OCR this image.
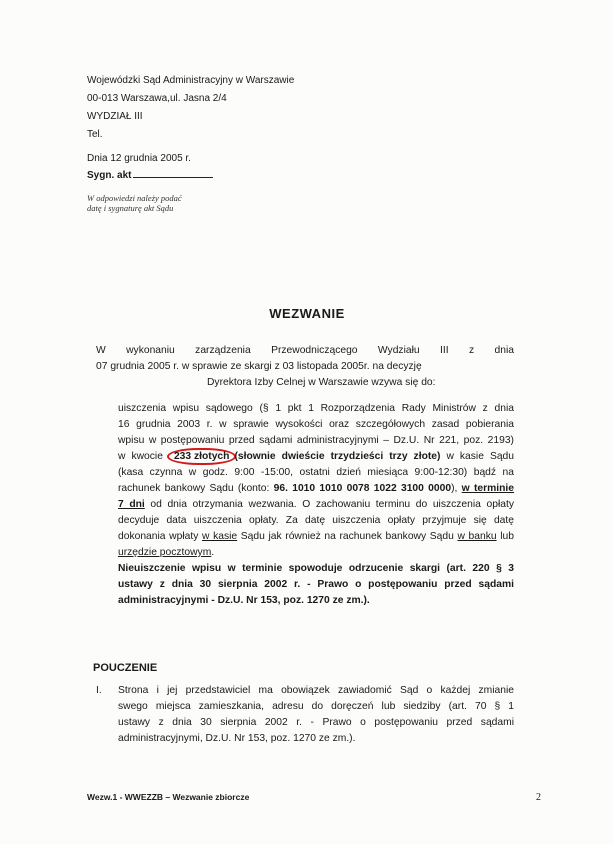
Wojewódzki Sąd Administracyjny w Warszawie
00-013 Warszawa,ul. Jasna 2/4
WYDZIAŁ III
Tel.
Dnia 12 grudnia 2005 r.
Sygn. akt
W odpowiedzi należy podać
datę i sygnaturę akt Sądu
WEZWANIE
W wykonaniu zarządzenia Przewodniczącego Wydziału III z dnia
07 grudnia 2005 r. w sprawie ze skargi z 03 listopada 2005r. na decyzję
Dyrektora Izby Celnej w Warszawie wzywa się do:
uiszczenia wpisu sądowego (§ 1 pkt 1 Rozporządzenia Rady Ministrów z dnia
16 grudnia 2003 r. w sprawie wysokości oraz szczegółowych zasad pobierania
wpisu w postępowaniu przed sądami administracyjnymi – Dz.U. Nr 221, poz. 2193)
w kwocie 233 złotych (słownie dwieście trzydzieści trzy złote) w kasie Sądu
(kasa czynna w godz. 9:00 -15:00, ostatni dzień miesiąca 9:00-12:30) bądź na
rachunek bankowy Sądu (konto: 96. 1010 1010 0078 1022 3100 0000), w terminie
7 dni od dnia otrzymania wezwania. O zachowaniu terminu do uiszczenia opłaty
decyduje data uiszczenia opłaty. Za datę uiszczenia opłaty przyjmuje się datę
dokonania wpłaty w kasie Sądu jak również na rachunek bankowy Sądu w banku lub
urzędzie pocztowym.
Nieuiszczenie wpisu w terminie spowoduje odrzucenie skargi (art. 220 § 3
ustawy z dnia 30 sierpnia 2002 r. - Prawo o postępowaniu przed sądami
administracyjnymi - Dz.U. Nr 153, poz. 1270 ze zm.).
POUCZENIE
I.	Strona i jej przedstawiciel ma obowiązek zawiadomić Sąd o każdej zmianie
swego miejsca zamieszkania, adresu do doręczeń lub siedziby (art. 70 § 1
ustawy z dnia 30 sierpnia 2002 r. - Prawo o postępowaniu przed sądami
administracyjnymi, Dz.U. Nr 153, poz. 1270 ze zm.).
Wezw.1 - WWEZZB – Wezwanie zbiorcze	2
